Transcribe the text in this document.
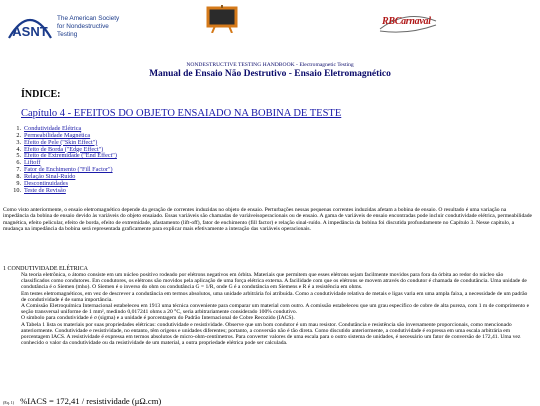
ASNT
The American Society
for Nondestructive Testing
RBCarnaval
NONDESTRUCTIVE TESTING HANDBOOK - Electromagnetic Testing
Manual de Ensaio Não Destrutivo - Ensaio Eletromagnético
ÍNDICE:
Capítulo 4 - EFEITOS DO OBJETO ENSAIADO NA BOBINA DE TESTE
1. Condutividade Elétrica
2. Permeabilidade Magnética
3. Efeito de Pele ("Skin Effect")
4. Efeito de Borda ("Edge Effect")
5. Efeito de Extremidade ("End Effect")
6. Liftoff
7. Fator de Enchimento ("Fill Factor")
8. Relação Sinal-Ruído
9. Descontinuidades
10. Teste de Revisão

Como visto anteriormente, o ensaio eletromagnético depende da geração de correntes induzidas no objeto de ensaio. Perturbações nessas pequenas correntes induzidas afetam a bobina de ensaio. O resultado é uma variação na impedância da bobina de ensaio devido às variáveis do objeto ensaiado. Essas variáveis são chamadas de variáveisoperacionais ou de ensaio. A gama de variáveis de ensaio encontradas pode incluir condutividade elétrica, permeabilidade magnética, efeito pelicular, efeito de borda, efeito de extremidade, afastamento (lift-off), fator de enchimento (fill factor) e relação sinal-ruído. A impedância da bobina foi discutida profundamente no Capítulo 3. Nesse capítulo, a mudança na impedância da bobina será representada graficamente para explicar mais efetivamente a interação das variáveis operacionais.

1 CONDUTIVIDADE ELÉTRICA

Na teoria eletrônica, o átomo consiste em um núcleo positivo rodeado por elétrons negativos em órbita. Materiais que permitem que esses elétrons sejam facilmente movidos para fora da órbita ao redor do núcleo são classificados como condutores. Em condutores, os elétrons são movidos pela aplicação de uma força elétrica externa. A facilidade com que os elétrons se movem através do condutor é chamada de condutância. Uma unidade de condutância é o Siemen (mho). O Siemen é o inverso do ohm ou condutância G = 1/R, onde G é a condutância em Siemens e R é a resistência em ohms.

Em testes eletromagnéticos, em vez de descrever a condutância em termos absolutos, uma unidade arbitrária foi atribuída. Como a condutividade relativa de metais e ligas varia em uma ampla faixa, a necessidade de um padrão de condutividade é de suma importância.

A Comissão Eletroquímica Internacional estabeleceu em 1913 uma técnica conveniente para comparar um material com outro. A comissão estabeleceu que um grau específico de cobre de alta pureza, com 1 m de comprimento e seção transversal uniforme de 1 mm², medindo 0,017241 ohms a 20 °C, seria arbitrariamente considerado 100% condutivo.

O símbolo para condutividade é σ (sigma) e a unidade é porcentagem do Padrão Internacional de Cobre Recozido (IACS).

A Tabela 1 lista os materiais por suas propriedades elétricas: condutividade e resistividade. Observe que um bom condutor é um mau resistor. Condutância e resistência são inversamente proporcionais, como mencionado anteriormente. Condutividade e resistividade, no entanto, têm origens e unidades diferentes; portanto, a conversão não é tão direta. Como discutido anteriormente, a condutividade é expressa em uma escala arbitrária em porcentagem IACS. A resistividade é expressa em termos absolutos de micro-ohm-centímetros. Para converter valores de uma escala para o outro sistema de unidades, é necessário um fator de conversão de 172,41. Uma vez conhecido o valor da condutividade ou da resistividade de um material, a outra propriedade elétrica pode ser calculada.

(Eq. 1) %IACS = 172,41 / resistividade (μΩ.cm)
